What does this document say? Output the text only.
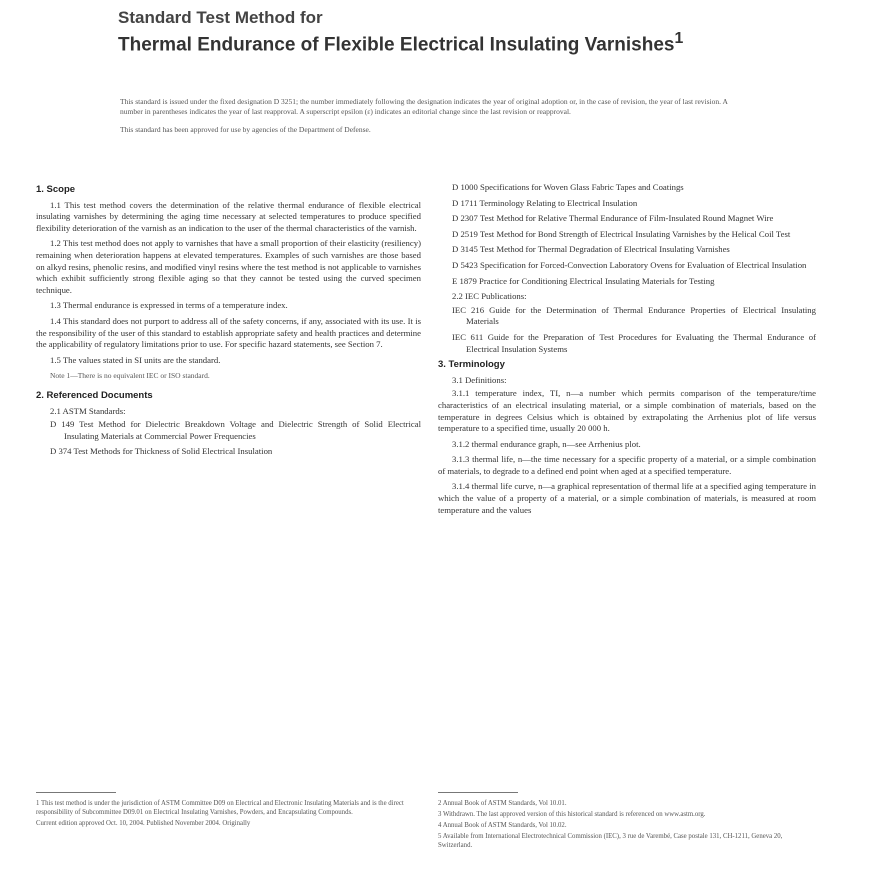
Standard Test Method for
Thermal Endurance of Flexible Electrical Insulating Varnishes$^1$

This standard is issued under the fixed designation D 3251; the number immediately following the designation indicates the year of original adoption or, in the case of revision, the year of last revision. A number in parentheses indicates the year of last reapproval. A superscript epsilon (ε) indicates an editorial change since the last revision or reapproval.

This standard has been approved for use by agencies of the Department of Defense.

1. Scope

1.1 This test method covers the determination of the relative thermal endurance of flexible electrical insulating varnishes by determining the aging time necessary at selected temperatures to produce specified flexibility deterioration of the varnish as an indication to the user of the thermal characteristics of the varnish.

1.2 This test method does not apply to varnishes that have a small proportion of their elasticity (resiliency) remaining when deterioration happens at elevated temperatures. Examples of such varnishes are those based on alkyd resins, phenolic resins, and modified vinyl resins where the test method is not applicable to varnishes which exhibit sufficiently strong flexible aging so that they cannot be tested using the curved specimen technique.

1.3 Thermal endurance is expressed in terms of a temperature index.

1.4 This standard does not purport to address all of the safety concerns, if any, associated with its use. It is the responsibility of the user of this standard to establish appropriate safety and health practices and determine the applicability of regulatory limitations prior to use. For specific hazard statements, see Section 7.

1.5 The values stated in SI units are the standard.

Note 1—There is no equivalent IEC or ISO standard.
2. Referenced Documents
2.1 ASTM Standards:

D 149 Test Method for Dielectric Breakdown Voltage and Dielectric Strength of Solid Electrical Insulating Materials at Commercial Power Frequencies

D 374 Test Methods for Thickness of Solid Electrical Insulation

D 1000 Specifications for Woven Glass Fabric Tapes and Coatings

D 1711 Terminology Relating to Electrical Insulation

D 2307 Test Method for Relative Thermal Endurance of Film-Insulated Round Magnet Wire

D 2519 Test Method for Bond Strength of Electrical Insulating Varnishes by the Helical Coil Test

D 3145 Test Method for Thermal Degradation of Electrical Insulating Varnishes

D 5423 Specification for Forced-Convection Laboratory Ovens for Evaluation of Electrical Insulation

E 1879 Practice for Conditioning Electrical Insulating Materials for Testing

2.2 IEC Publications:

IEC 216 Guide for the Determination of Thermal Endurance Properties of Electrical Insulating Materials

IEC 611 Guide for the Preparation of Test Procedures for Evaluating the Thermal Endurance of Electrical Insulation Systems

3. Terminology
3.1 Definitions:

3.1.1 temperature index, TI, n—a number which permits comparison of the temperature/time characteristics of an electrical insulating material, or a simple combination of materials, based on the temperature in degrees Celsius which is obtained by extrapolating the Arrhenius plot of life versus temperature to a specified time, usually 20 000 h.

3.1.2 thermal endurance graph, n—see Arrhenius plot.

3.1.3 thermal life, n—the time necessary for a specific property of a material, or a simple combination of materials, to degrade to a defined end point when aged at a specified temperature.

3.1.4 thermal life curve, n—a graphical representation of thermal life at a specified aging temperature in which the value of a property of a material, or a simple combination of materials, is measured at room temperature and the values

1 This test method is under the jurisdiction of ASTM Committee D09 on Electrical and Electronic Insulating Materials and is the direct responsibility of Subcommittee D09.01 on Electrical Insulating Varnishes, Powders, and Encapsulating Compounds.

Current edition approved Oct. 10, 2004. Published November 2004. Originally

2 Annual Book of ASTM Standards, Vol 10.01.

3 Withdrawn. The last approved version of this historical standard is referenced on www.astm.org.

4 Annual Book of ASTM Standards, Vol 10.02.

5 Available from International Electrotechnical Commission (IEC), 3 rue de Varembé, Case postale 131, CH-1211, Geneva 20, Switzerland.
